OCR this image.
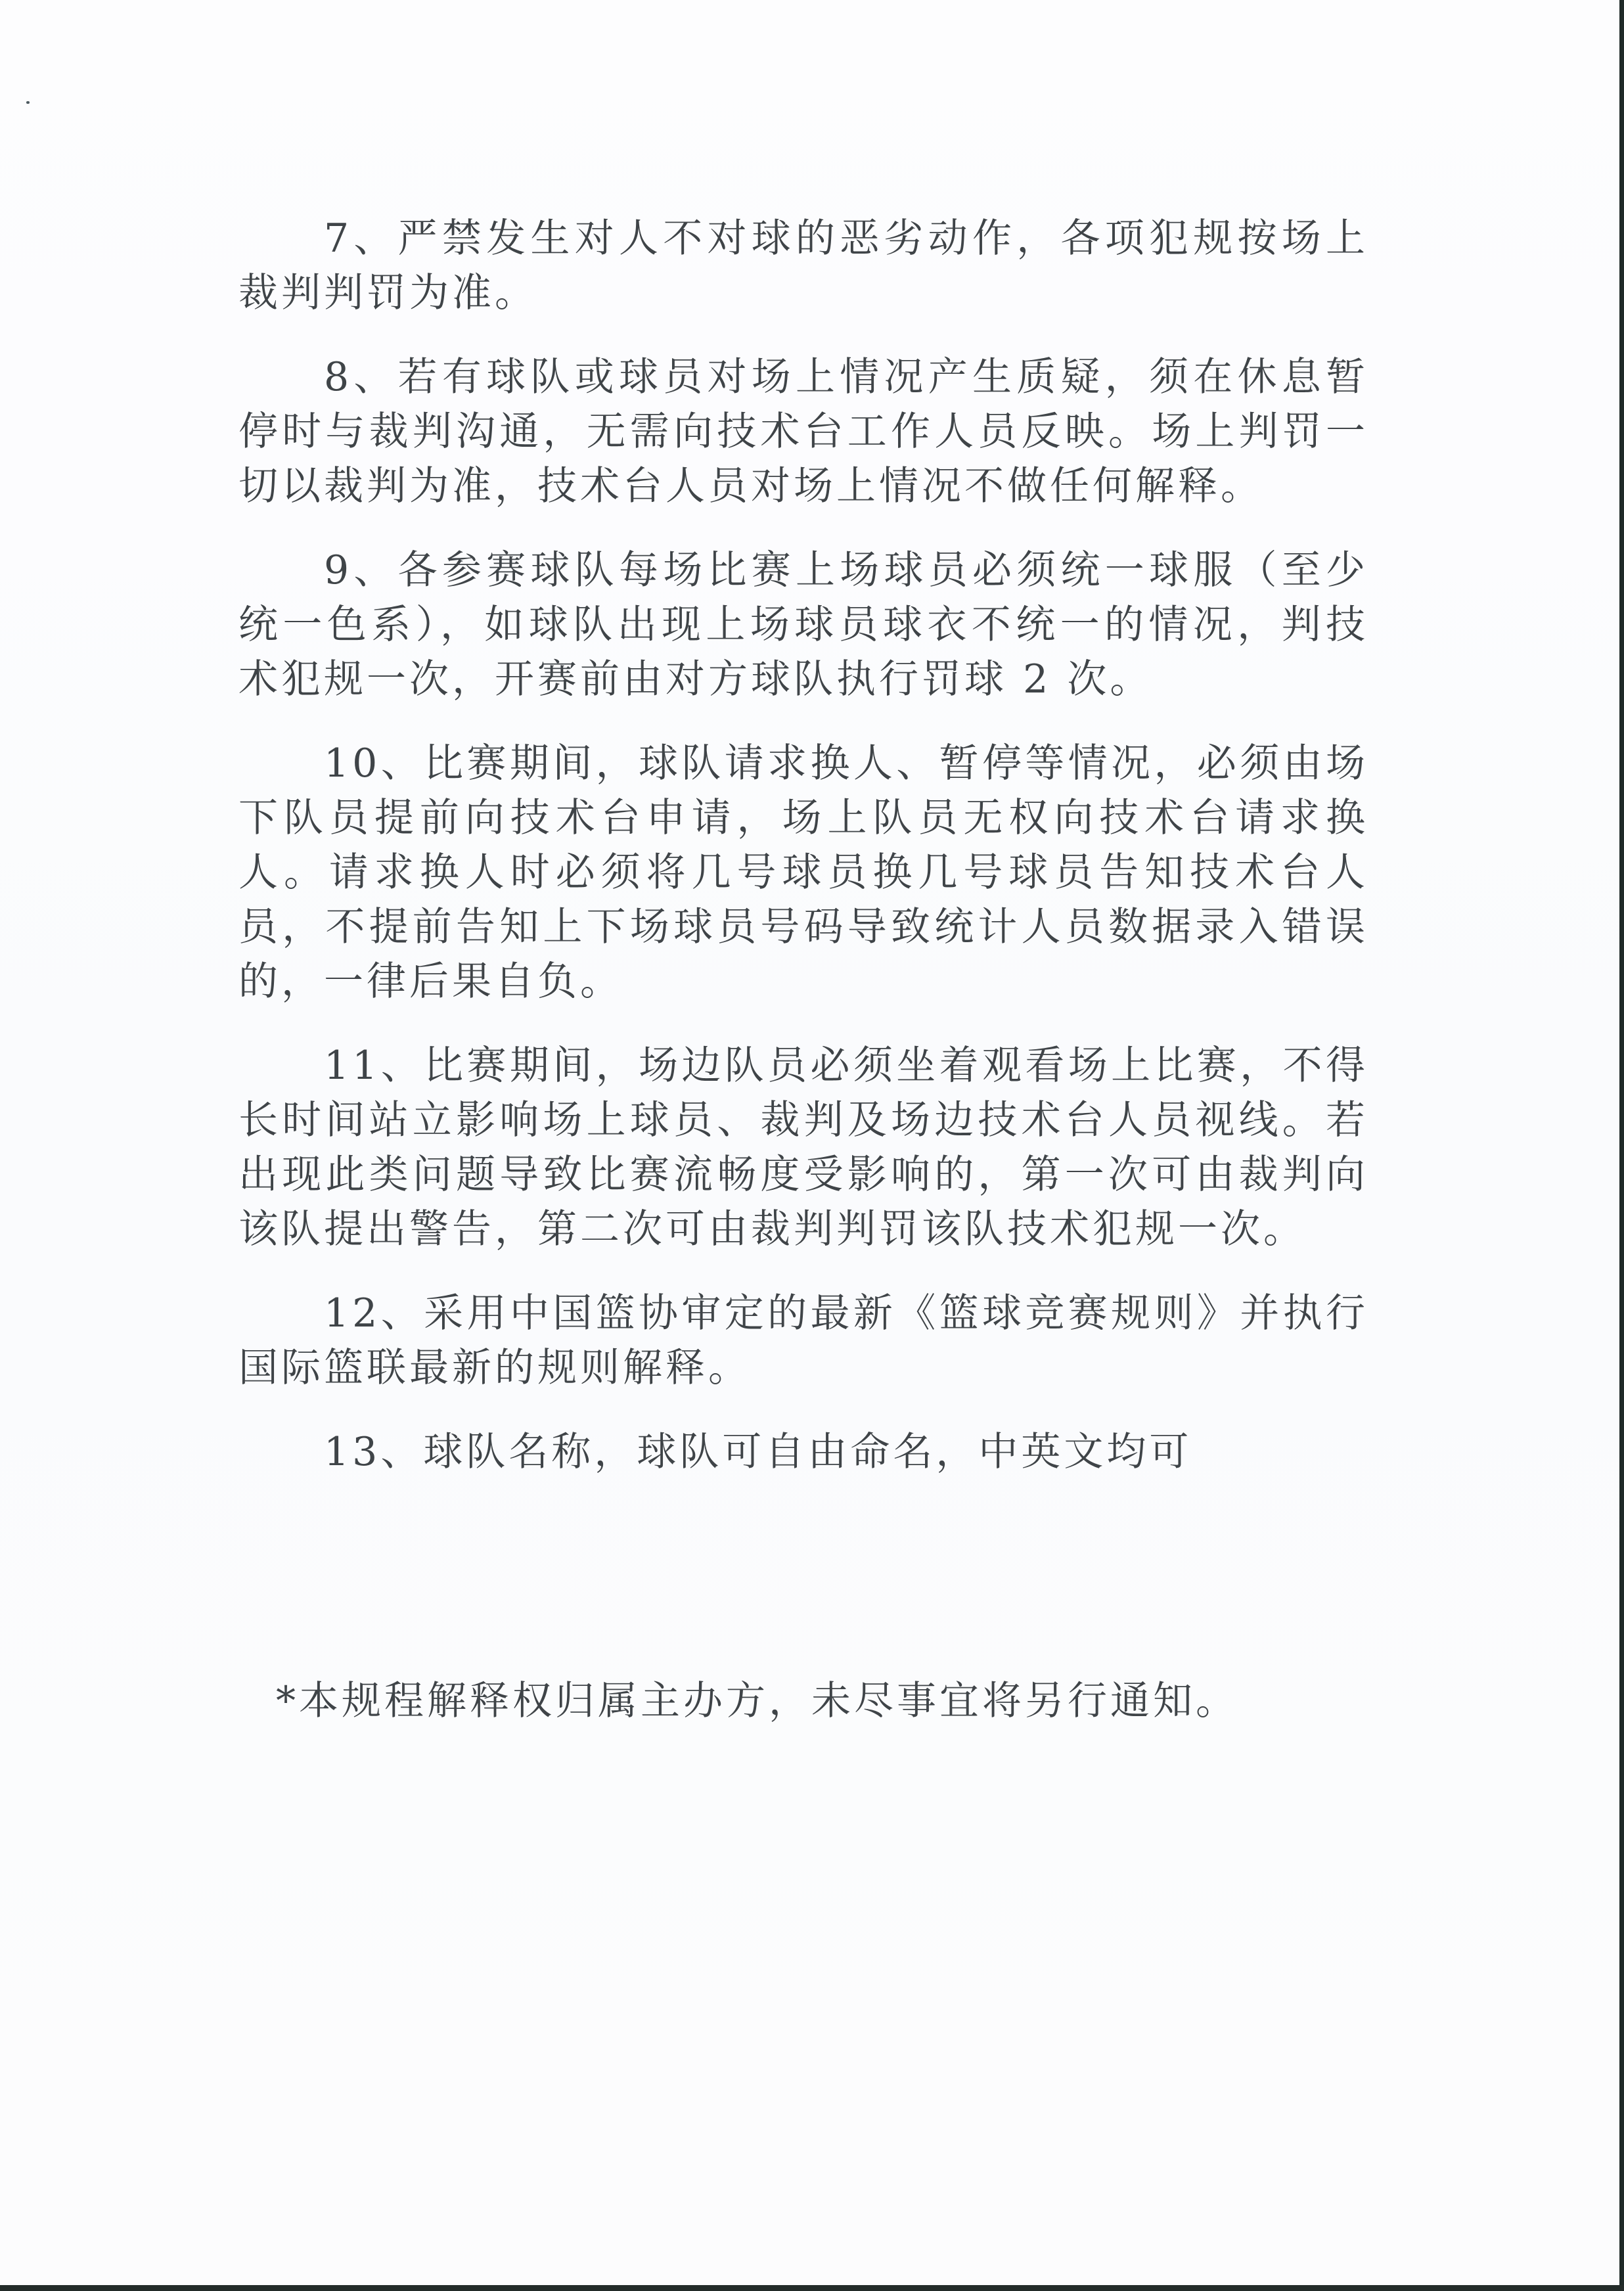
7、严禁发生对人不对球的恶劣动作，各项犯规按场上裁判判罚为准。

8、若有球队或球员对场上情况产生质疑，须在休息暂停时与裁判沟通，无需向技术台工作人员反映。场上判罚一切以裁判为准，技术台人员对场上情况不做任何解释。

9、各参赛球队每场比赛上场球员必须统一球服（至少统一色系），如球队出现上场球员球衣不统一的情况，判技术犯规一次，开赛前由对方球队执行罚球 2 次。

10、比赛期间，球队请求换人、暂停等情况，必须由场下队员提前向技术台申请，场上队员无权向技术台请求换人。请求换人时必须将几号球员换几号球员告知技术台人员，不提前告知上下场球员号码导致统计人员数据录入错误的，一律后果自负。

11、比赛期间，场边队员必须坐着观看场上比赛，不得长时间站立影响场上球员、裁判及场边技术台人员视线。若出现此类问题导致比赛流畅度受影响的，第一次可由裁判向该队提出警告，第二次可由裁判判罚该队技术犯规一次。

12、采用中国篮协审定的最新《篮球竞赛规则》并执行国际篮联最新的规则解释。

13、球队名称，球队可自由命名，中英文均可

*本规程解释权归属主办方，未尽事宜将另行通知。
